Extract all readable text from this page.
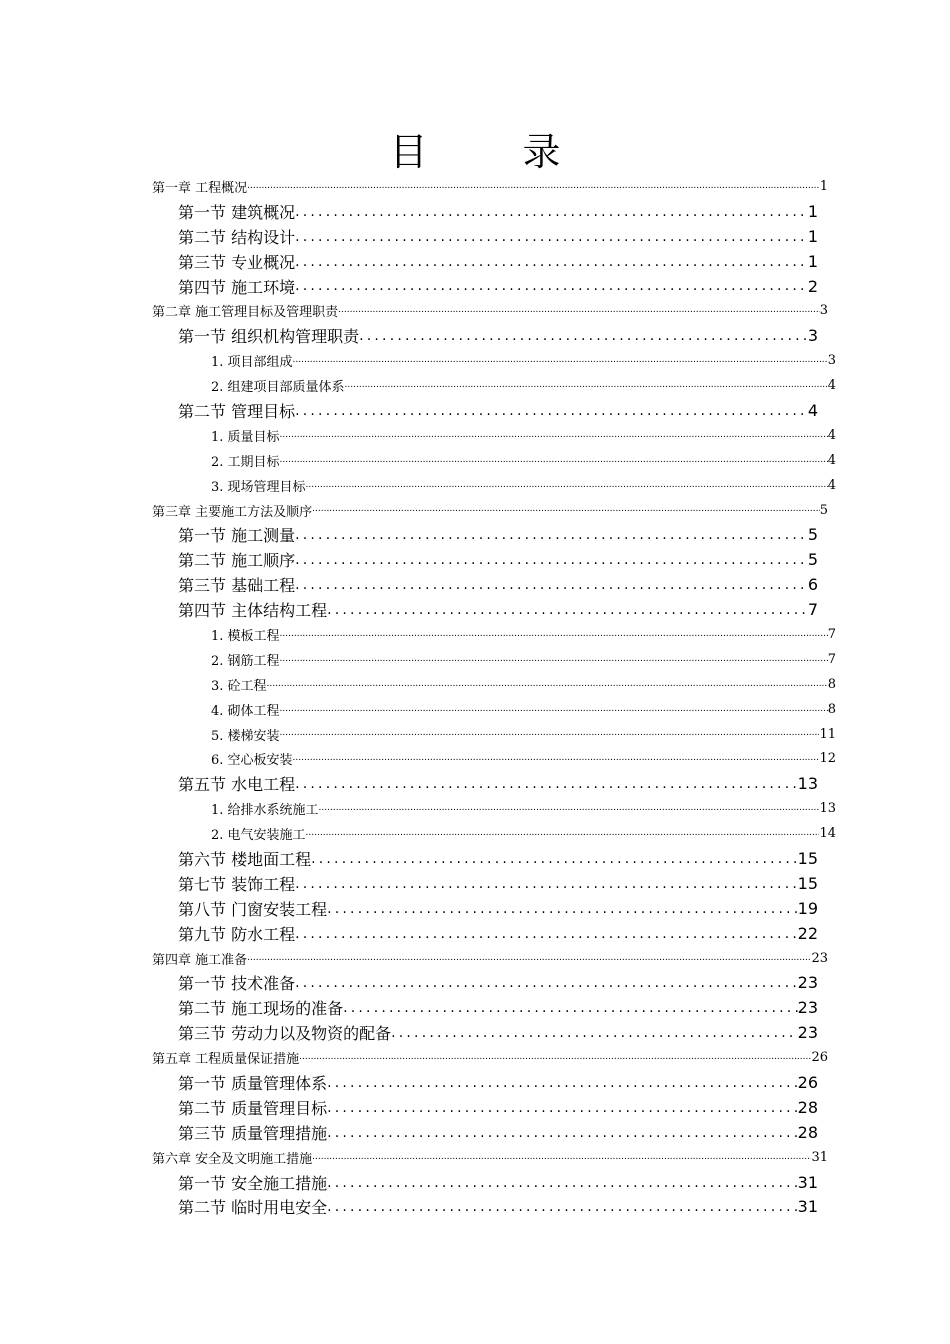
目	录
第一章 工程概况 .....	1
第一节 建筑概况 .....	1
第二节 结构设计 .....	1
第三节 专业概况 .....	1
第四节 施工环境 .....	2
第二章 施工管理目标及管理职责 .....	3
第一节 组织机构管理职责 .....	3
1. 项目部组成 .....	3
2. 组建项目部质量体系 .....	4
第二节 管理目标 .....	4
1. 质量目标 .....	4
2. 工期目标 .....	4
3. 现场管理目标 .....	4
第三章 主要施工方法及顺序 .....	5
第一节 施工测量 .....	5
第二节 施工顺序 .....	5
第三节 基础工程 .....	6
第四节 主体结构工程 .....	7
1. 模板工程 .....	7
2. 钢筋工程 .....	7
3. 砼工程 .....	8
4. 砌体工程 .....	8
5. 楼梯安装 .....	11
6. 空心板安装 .....	12
第五节 水电工程 .....	13
1. 给排水系统施工 .....	13
2. 电气安装施工 .....	14
第六节 楼地面工程 .....	15
第七节 装饰工程 .....	15
第八节 门窗安装工程 .....	19
第九节 防水工程 .....	22
第四章 施工准备 .....	23
第一节 技术准备 .....	23
第二节 施工现场的准备 .....	23
第三节 劳动力以及物资的配备 .....	23
第五章 工程质量保证措施 .....	26
第一节 质量管理体系 .....	26
第二节 质量管理目标 .....	28
第三节 质量管理措施 .....	28
第六章 安全及文明施工措施 .....	31
第一节 安全施工措施 .....	31
第二节 临时用电安全 .....	31
